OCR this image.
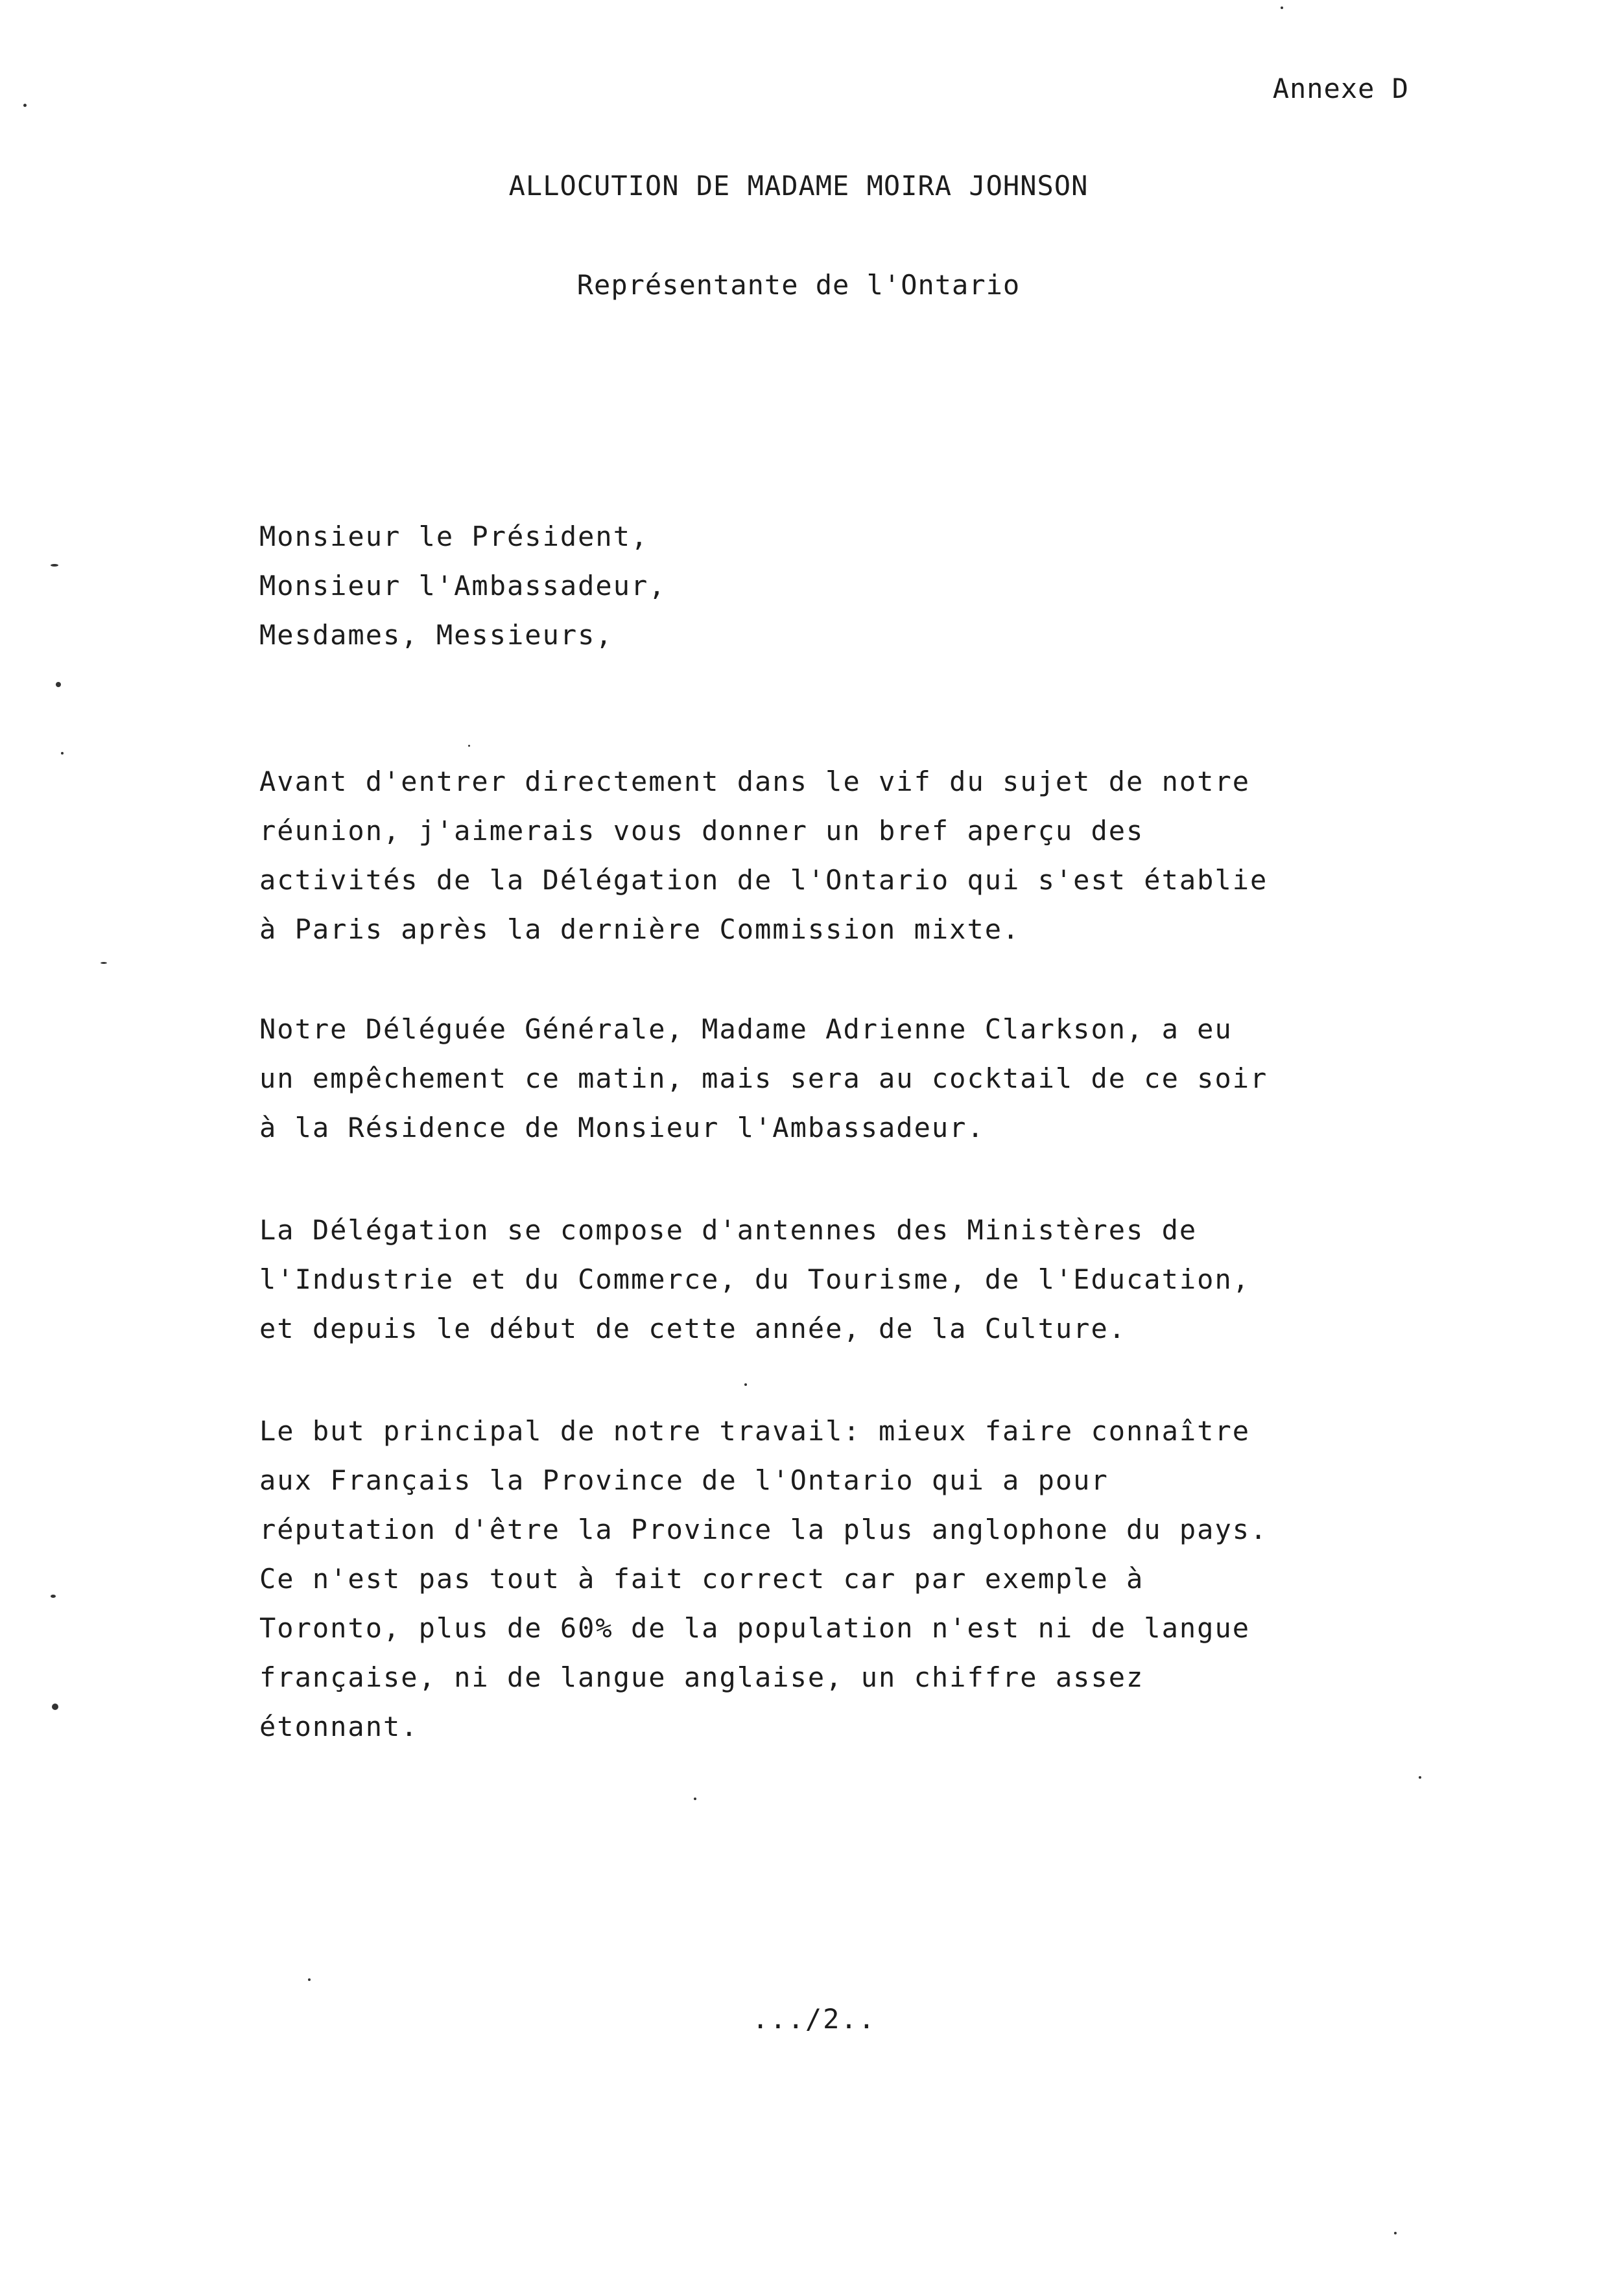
Annexe D
ALLOCUTION DE MADAME MOIRA JOHNSON
Représentante de l'Ontario
Monsieur le Président,
Monsieur l'Ambassadeur,
Mesdames, Messieurs,
Avant d'entrer directement dans le vif du sujet de notre
réunion, j'aimerais vous donner un bref aperçu des
activités de la Délégation de l'Ontario qui s'est établie
à Paris après la dernière Commission mixte.
Notre Déléguée Générale, Madame Adrienne Clarkson, a eu
un empêchement ce matin, mais sera au cocktail de ce soir
à la Résidence de Monsieur l'Ambassadeur.
La Délégation se compose d'antennes des Ministères de
l'Industrie et du Commerce, du Tourisme, de l'Education,
et depuis le début de cette année, de la Culture.
Le but principal de notre travail: mieux faire connaître
aux Français la Province de l'Ontario qui a pour
réputation d'être la Province la plus anglophone du pays.
Ce n'est pas tout à fait correct car par exemple à
Toronto, plus de 60% de la population n'est ni de langue
française, ni de langue anglaise, un chiffre assez
étonnant.
.../2..
